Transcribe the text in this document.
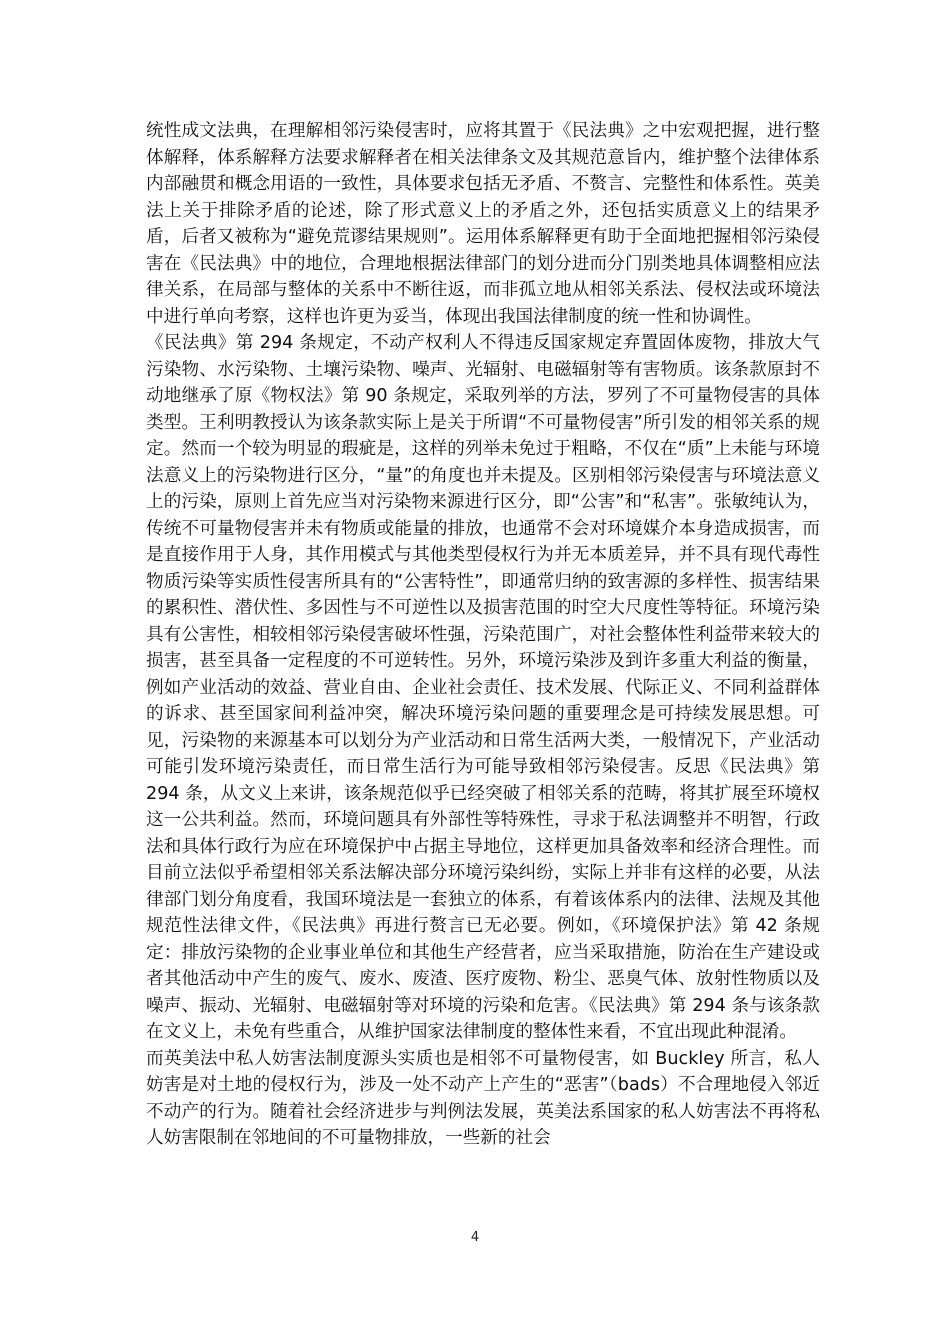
统性成文法典，在理解相邻污染侵害时，应将其置于《民法典》之中宏观把握，进行整体解释，体系解释方法要求解释者在相关法律条文及其规范意旨内，维护整个法律体系内部融贯和概念用语的一致性，具体要求包括无矛盾、不赘言、完整性和体系性。英美法上关于排除矛盾的论述，除了形式意义上的矛盾之外，还包括实质意义上的结果矛盾，后者又被称为“避免荒谬结果规则”。运用体系解释更有助于全面地把握相邻污染侵害在《民法典》中的地位，合理地根据法律部门的划分进而分门别类地具体调整相应法律关系，在局部与整体的关系中不断往返，而非孤立地从相邻关系法、侵权法或环境法中进行单向考察，这样也许更为妥当，体现出我国法律制度的统一性和协调性。

《民法典》第 294 条规定，不动产权利人不得违反国家规定弃置固体废物，排放大气污染物、水污染物、土壤污染物、噪声、光辐射、电磁辐射等有害物质。该条款原封不动地继承了原《物权法》第 90 条规定，采取列举的方法，罗列了不可量物侵害的具体类型。王利明教授认为该条款实际上是关于所谓“不可量物侵害”所引发的相邻关系的规定。然而一个较为明显的瑕疵是，这样的列举未免过于粗略，不仅在“质”上未能与环境法意义上的污染物进行区分，“量”的角度也并未提及。区别相邻污染侵害与环境法意义上的污染，原则上首先应当对污染物来源进行区分，即“公害”和“私害”。张敏纯认为，传统不可量物侵害并未有物质或能量的排放，也通常不会对环境媒介本身造成损害，而是直接作用于人身，其作用模式与其他类型侵权行为并无本质差异，并不具有现代毒性物质污染等实质性侵害所具有的“公害特性”，即通常归纳的致害源的多样性、损害结果的累积性、潜伏性、多因性与不可逆性以及损害范围的时空大尺度性等特征。环境污染具有公害性，相较相邻污染侵害破坏性强，污染范围广，对社会整体性利益带来较大的损害，甚至具备一定程度的不可逆转性。另外，环境污染涉及到许多重大利益的衡量，例如产业活动的效益、营业自由、企业社会责任、技术发展、代际正义、不同利益群体的诉求、甚至国家间利益冲突，解决环境污染问题的重要理念是可持续发展思想。可见，污染物的来源基本可以划分为产业活动和日常生活两大类，一般情况下，产业活动可能引发环境污染责任，而日常生活行为可能导致相邻污染侵害。反思《民法典》第 294 条，从文义上来讲，该条规范似乎已经突破了相邻关系的范畴，将其扩展至环境权这一公共利益。然而，环境问题具有外部性等特殊性，寻求于私法调整并不明智，行政法和具体行政行为应在环境保护中占据主导地位，这样更加具备效率和经济合理性。而目前立法似乎希望相邻关系法解决部分环境污染纠纷，实际上并非有这样的必要，从法律部门划分角度看，我国环境法是一套独立的体系，有着该体系内的法律、法规及其他规范性法律文件，《民法典》再进行赘言已无必要。例如，《环境保护法》第 42 条规定：排放污染物的企业事业单位和其他生产经营者，应当采取措施，防治在生产建设或者其他活动中产生的废气、废水、废渣、医疗废物、粉尘、恶臭气体、放射性物质以及噪声、振动、光辐射、电磁辐射等对环境的污染和危害。《民法典》第 294 条与该条款在文义上，未免有些重合，从维护国家法律制度的整体性来看，不宜出现此种混淆。

而英美法中私人妨害法制度源头实质也是相邻不可量物侵害，如 Buckley 所言，私人妨害是对土地的侵权行为，涉及一处不动产上产生的“恶害”（bads）不合理地侵入邻近不动产的行为。随着社会经济进步与判例法发展，英美法系国家的私人妨害法不再将私人妨害限制在邻地间的不可量物排放，一些新的社会

4
